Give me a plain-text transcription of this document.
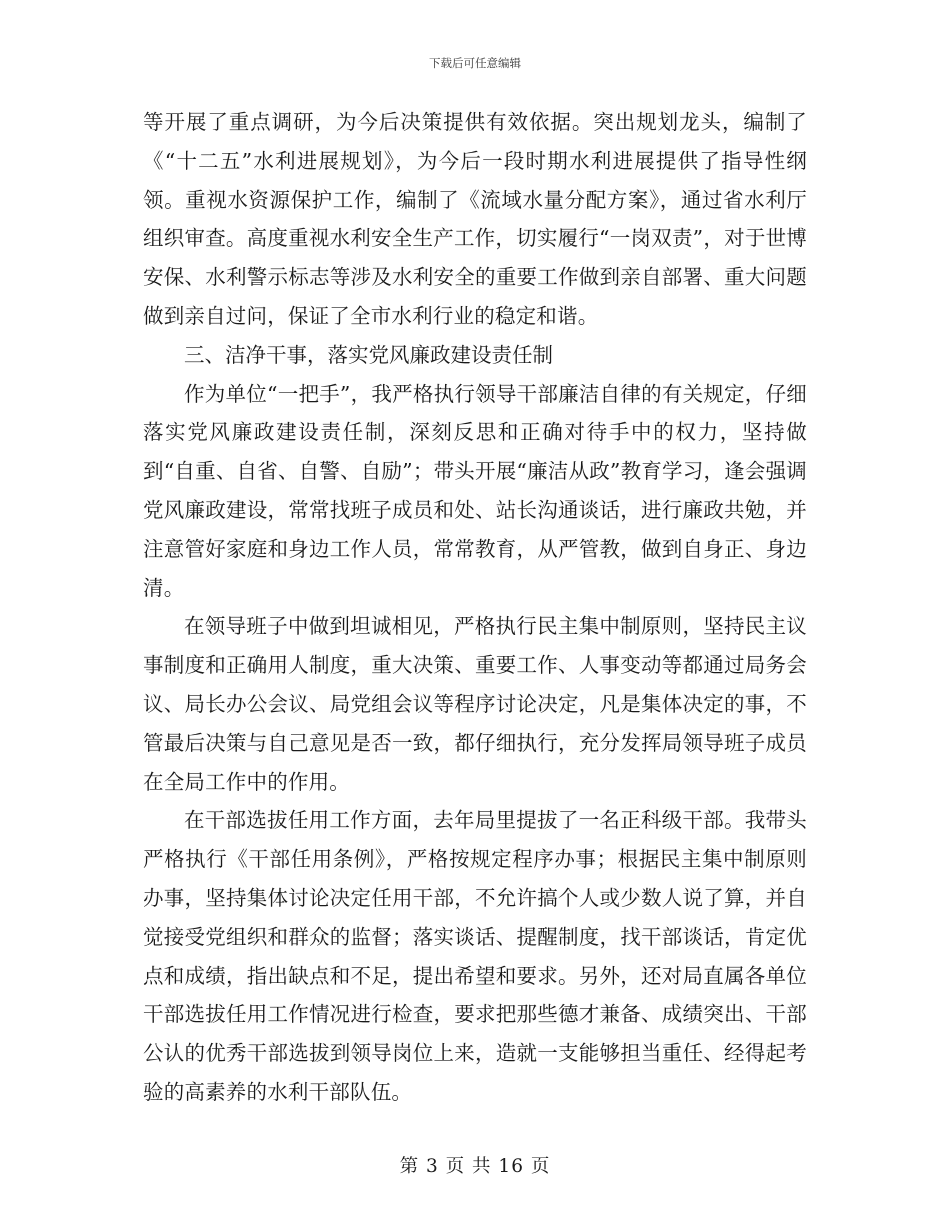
下载后可任意编辑

等开展了重点调研，为今后决策提供有效依据。突出规划龙头，编制了《“十二五”水利进展规划》，为今后一段时期水利进展提供了指导性纲领。重视水资源保护工作，编制了《流域水量分配方案》，通过省水利厅组织审查。高度重视水利安全生产工作，切实履行“一岗双责”，对于世博安保、水利警示标志等涉及水利安全的重要工作做到亲自部署、重大问题做到亲自过问，保证了全市水利行业的稳定和谐。

三、洁净干事，落实党风廉政建设责任制

作为单位“一把手”，我严格执行领导干部廉洁自律的有关规定，仔细落实党风廉政建设责任制，深刻反思和正确对待手中的权力，坚持做到“自重、自省、自警、自励”；带头开展“廉洁从政”教育学习，逢会强调党风廉政建设，常常找班子成员和处、站长沟通谈话，进行廉政共勉，并注意管好家庭和身边工作人员，常常教育，从严管教，做到自身正、身边清。

在领导班子中做到坦诚相见，严格执行民主集中制原则，坚持民主议事制度和正确用人制度，重大决策、重要工作、人事变动等都通过局务会议、局长办公会议、局党组会议等程序讨论决定，凡是集体决定的事，不管最后决策与自己意见是否一致，都仔细执行，充分发挥局领导班子成员在全局工作中的作用。

在干部选拔任用工作方面，去年局里提拔了一名正科级干部。我带头严格执行《干部任用条例》，严格按规定程序办事；根据民主集中制原则办事，坚持集体讨论决定任用干部，不允许搞个人或少数人说了算，并自觉接受党组织和群众的监督；落实谈话、提醒制度，找干部谈话，肯定优点和成绩，指出缺点和不足，提出希望和要求。另外，还对局直属各单位干部选拔任用工作情况进行检查，要求把那些德才兼备、成绩突出、干部公认的优秀干部选拔到领导岗位上来，造就一支能够担当重任、经得起考验的高素养的水利干部队伍。

第 3 页 共 16 页
